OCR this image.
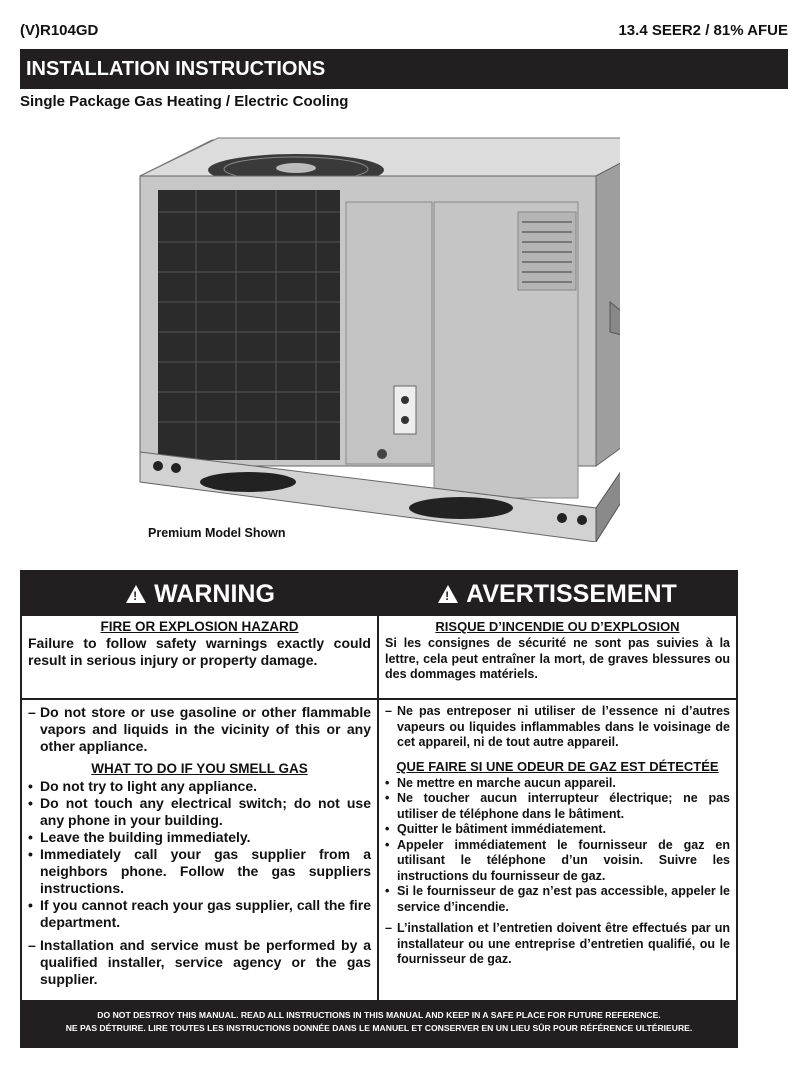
(V)R104GD	13.4 SEER2 / 81% AFUE
INSTALLATION INSTRUCTIONS
Single Package Gas Heating / Electric Cooling
Premium Model Shown
!
WARNING
!	AVERTISSEMENT
FIRE OR EXPLOSION HAZARD
Failure to follow safety warnings exactly could result in serious injury or property damage.
RISQUE D’INCENDIE OU D’EXPLOSION
Si les consignes de sécurité ne sont pas suivies à la lettre, cela peut entraîner la mort, de graves blessures ou des dommages matériels.
– Do not store or use gasoline or other flammable vapors and liquids in the vicinity of this or any other appliance.
WHAT TO DO IF YOU SMELL GAS
• Do not try to light any appliance.
• Do not touch any electrical switch; do not use any phone in your building.
• Leave the building immediately.
• Immediately call your gas supplier from a neighbors phone. Follow the gas suppliers instructions.
• If you cannot reach your gas supplier, call the fire department.
– Installation and service must be performed by a qualified installer, service agency or the gas supplier.
– Ne pas entreposer ni utiliser de l’essence ni d’autres vapeurs ou liquides inflammables dans le voisinage de cet appareil, ni de tout autre appareil.
QUE FAIRE SI UNE ODEUR DE GAZ EST DÉTECTÉE
• Ne mettre en marche aucun appareil.
• Ne toucher aucun interrupteur électrique; ne pas utiliser de téléphone dans le bâtiment.
• Quitter le bâtiment immédiatement.
• Appeler immédiatement le fournisseur de gaz en utilisant le téléphone d’un voisin. Suivre les instructions du fournisseur de gaz.
• Si le fournisseur de gaz n’est pas accessible, appeler le service d’incendie.
– L’installation et l’entretien doivent être effectués par un installateur ou une entreprise d’entretien qualifié, ou le fournisseur de gaz.
DO NOT DESTROY THIS MANUAL. READ ALL INSTRUCTIONS IN THIS MANUAL AND KEEP IN A SAFE PLACE FOR FUTURE REFERENCE.
NE PAS DÉTRUIRE. LIRE TOUTES LES INSTRUCTIONS DONNÉE DANS LE MANUEL ET CONSERVER EN UN LIEU SÛR POUR RÉFÉRENCE ULTÉRIEURE.
